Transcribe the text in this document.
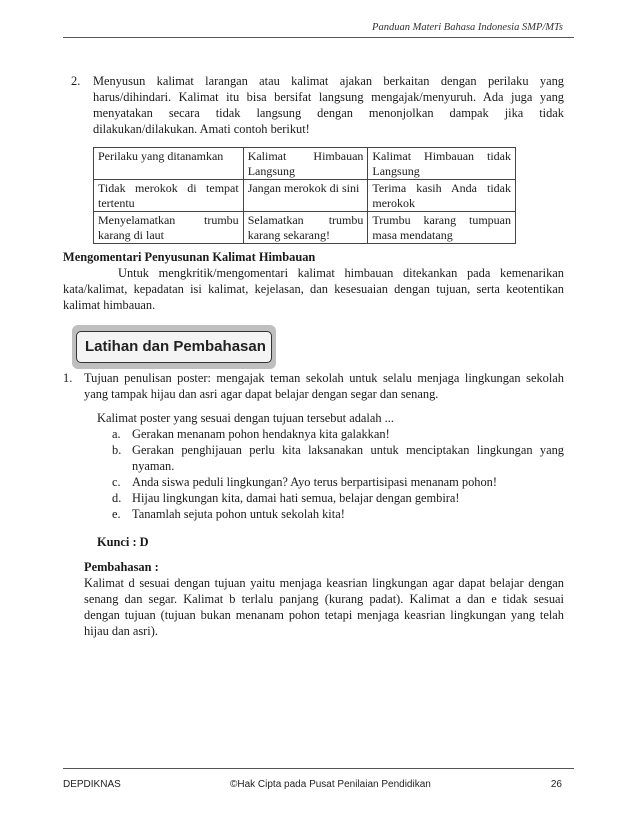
Panduan Materi Bahasa Indonesia SMP/MTs
2. Menyusun kalimat larangan atau kalimat ajakan berkaitan dengan perilaku yang
harus/dihindari. Kalimat itu bisa bersifat langsung mengajak/menyuruh. Ada juga yang
menyatakan secara tidak langsung dengan menonjolkan dampak jika tidak
dilakukan/dilakukan. Amati contoh berikut!
Perilaku yang ditanamkan	Kalimat Himbauan Langsung	Kalimat Himbauan tidak Langsung
Tidak merokok di tempat tertentu	Jangan merokok di sini	Terima kasih Anda tidak merokok
Menyelamatkan trumbu karang di laut	Selamatkan trumbu karang sekarang!	Trumbu karang tumpuan masa mendatang
Mengomentari Penyusunan Kalimat Himbauan
Untuk mengkritik/mengomentari kalimat himbauan ditekankan pada kemenarikan
kata/kalimat, kepadatan isi kalimat, kejelasan, dan kesesuaian dengan tujuan, serta keotentikan
kalimat himbauan.
Latihan dan Pembahasan
1. Tujuan penulisan poster: mengajak teman sekolah untuk selalu menjaga lingkungan sekolah
yang tampak hijau dan asri agar dapat belajar dengan segar dan senang.
Kalimat poster yang sesuai dengan tujuan tersebut adalah ...
a. Gerakan menanam pohon hendaknya kita galakkan!
b. Gerakan penghijauan perlu kita laksanakan untuk menciptakan lingkungan yang
nyaman.
c. Anda siswa peduli lingkungan? Ayo terus berpartisipasi menanam pohon!
d. Hijau lingkungan kita, damai hati semua, belajar dengan gembira!
e. Tanamlah sejuta pohon untuk sekolah kita!
Kunci : D
Pembahasan :
Kalimat d sesuai dengan tujuan yaitu menjaga keasrian lingkungan agar dapat belajar dengan
senang dan segar. Kalimat b terlalu panjang (kurang padat). Kalimat a dan e tidak sesuai
dengan tujuan (tujuan bukan menanam pohon tetapi menjaga keasrian lingkungan yang telah
hijau dan asri).
DEPDIKNAS	©Hak Cipta pada Pusat Penilaian Pendidikan	26
